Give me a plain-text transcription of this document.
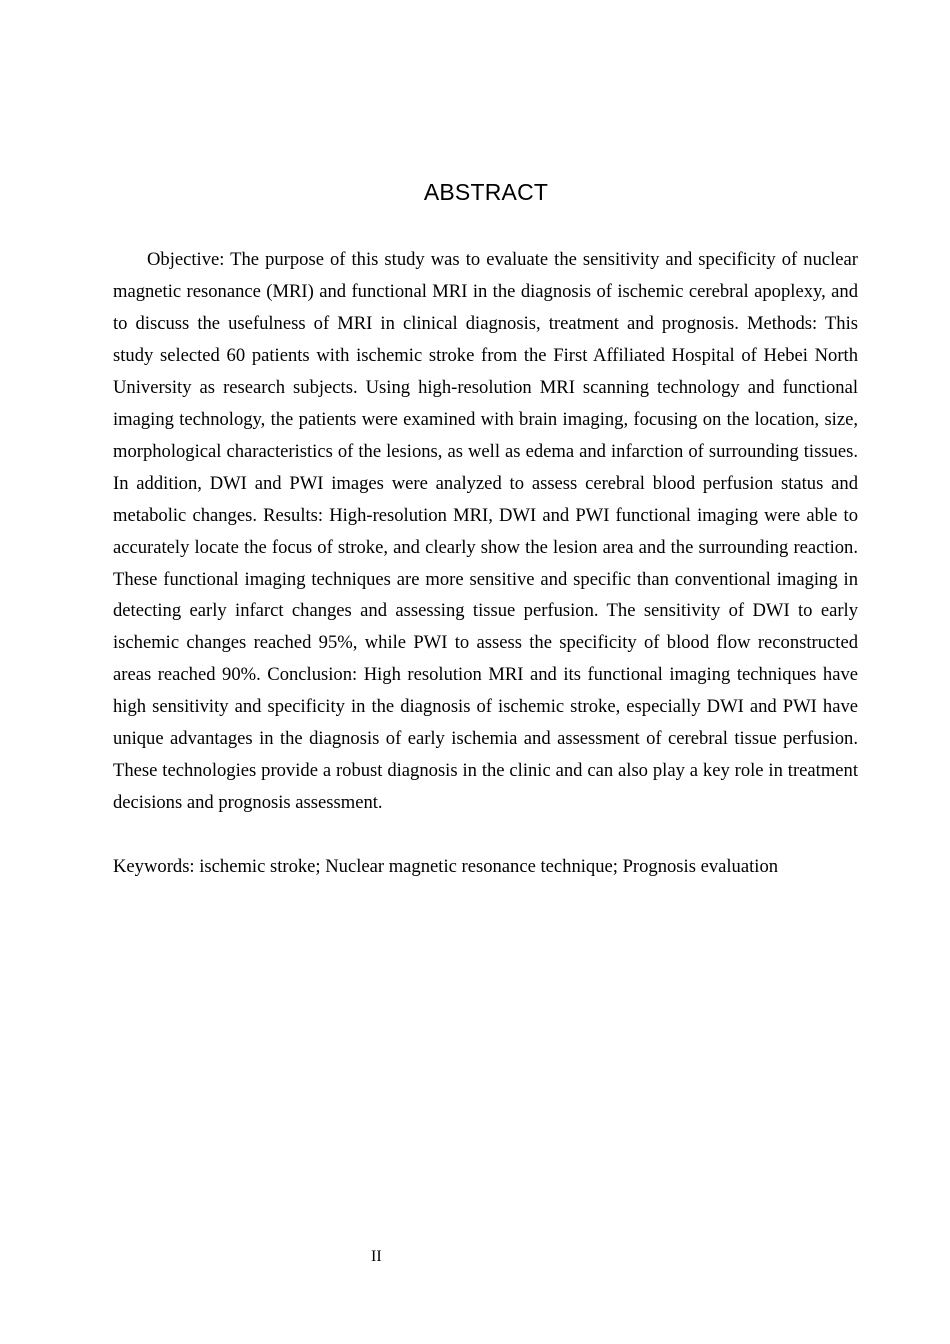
ABSTRACT

Objective: The purpose of this study was to evaluate the sensitivity and specificity of nuclear magnetic resonance (MRI) and functional MRI in the diagnosis of ischemic cerebral apoplexy, and to discuss the usefulness of MRI in clinical diagnosis, treatment and prognosis. Methods: This study selected 60 patients with ischemic stroke from the First Affiliated Hospital of Hebei North University as research subjects. Using high-resolution MRI scanning technology and functional imaging technology, the patients were examined with brain imaging, focusing on the location, size, morphological characteristics of the lesions, as well as edema and infarction of surrounding tissues. In addition, DWI and PWI images were analyzed to assess cerebral blood perfusion status and metabolic changes. Results: High-resolution MRI, DWI and PWI functional imaging were able to accurately locate the focus of stroke, and clearly show the lesion area and the surrounding reaction. These functional imaging techniques are more sensitive and specific than conventional imaging in detecting early infarct changes and assessing tissue perfusion. The sensitivity of DWI to early ischemic changes reached 95%, while PWI to assess the specificity of blood flow reconstructed areas reached 90%. Conclusion: High resolution MRI and its functional imaging techniques have high sensitivity and specificity in the diagnosis of ischemic stroke, especially DWI and PWI have unique advantages in the diagnosis of early ischemia and assessment of cerebral tissue perfusion. These technologies provide a robust diagnosis in the clinic and can also play a key role in treatment decisions and prognosis assessment.

Keywords: ischemic stroke; Nuclear magnetic resonance technique; Prognosis evaluation

II
